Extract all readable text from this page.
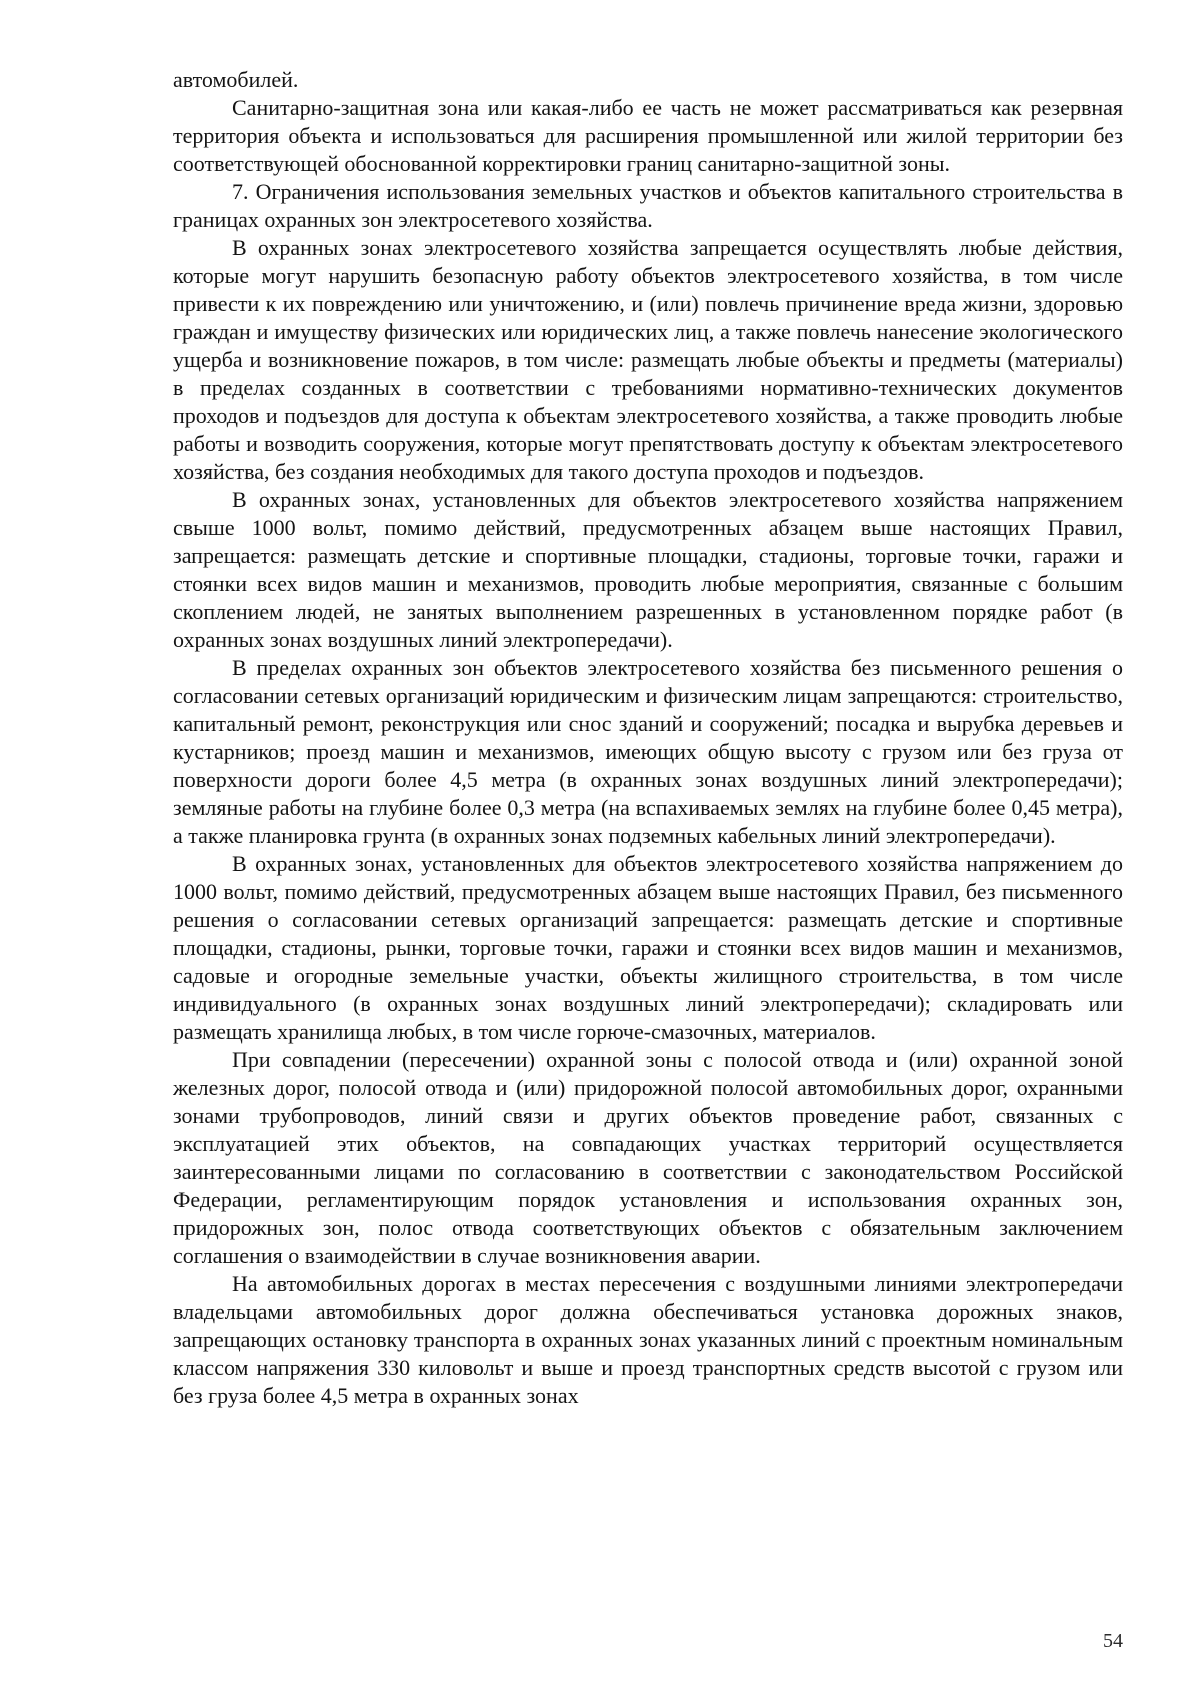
автомобилей.

Санитарно-защитная зона или какая-либо ее часть не может рассматриваться как резервная территория объекта и использоваться для расширения промышленной или жилой территории без соответствующей обоснованной корректировки границ санитарно-защитной зоны.

7. Ограничения использования земельных участков и объектов капитального строительства в границах охранных зон электросетевого хозяйства.

В охранных зонах электросетевого хозяйства запрещается осуществлять любые действия, которые могут нарушить безопасную работу объектов электросетевого хозяйства, в том числе привести к их повреждению или уничтожению, и (или) повлечь причинение вреда жизни, здоровью граждан и имуществу физических или юридических лиц, а также повлечь нанесение экологического ущерба и возникновение пожаров, в том числе: размещать любые объекты и предметы (материалы) в пределах созданных в соответствии с требованиями нормативно-технических документов проходов и подъездов для доступа к объектам электросетевого хозяйства, а также проводить любые работы и возводить сооружения, которые могут препятствовать доступу к объектам электросетевого хозяйства, без создания необходимых для такого доступа проходов и подъездов.

В охранных зонах, установленных для объектов электросетевого хозяйства напряжением свыше 1000 вольт, помимо действий, предусмотренных абзацем выше настоящих Правил, запрещается: размещать детские и спортивные площадки, стадионы, торговые точки, гаражи и стоянки всех видов машин и механизмов, проводить любые мероприятия, связанные с большим скоплением людей, не занятых выполнением разрешенных в установленном порядке работ (в охранных зонах воздушных линий электропередачи).

В пределах охранных зон объектов электросетевого хозяйства без письменного решения о согласовании сетевых организаций юридическим и физическим лицам запрещаются: строительство, капитальный ремонт, реконструкция или снос зданий и сооружений; посадка и вырубка деревьев и кустарников; проезд машин и механизмов, имеющих общую высоту с грузом или без груза от поверхности дороги более 4,5 метра (в охранных зонах воздушных линий электропередачи); земляные работы на глубине более 0,3 метра (на вспахиваемых землях на глубине более 0,45 метра), а также планировка грунта (в охранных зонах подземных кабельных линий электропередачи).

В охранных зонах, установленных для объектов электросетевого хозяйства напряжением до 1000 вольт, помимо действий, предусмотренных абзацем выше настоящих Правил, без письменного решения о согласовании сетевых организаций запрещается: размещать детские и спортивные площадки, стадионы, рынки, торговые точки, гаражи и стоянки всех видов машин и механизмов, садовые и огородные земельные участки, объекты жилищного строительства, в том числе индивидуального (в охранных зонах воздушных линий электропередачи); складировать или размещать хранилища любых, в том числе горюче-смазочных, материалов.

При совпадении (пересечении) охранной зоны с полосой отвода и (или) охранной зоной железных дорог, полосой отвода и (или) придорожной полосой автомобильных дорог, охранными зонами трубопроводов, линий связи и других объектов проведение работ, связанных с эксплуатацией этих объектов, на совпадающих участках территорий осуществляется заинтересованными лицами по согласованию в соответствии с законодательством Российской Федерации, регламентирующим порядок установления и использования охранных зон, придорожных зон, полос отвода соответствующих объектов с обязательным заключением соглашения о взаимодействии в случае возникновения аварии.

На автомобильных дорогах в местах пересечения с воздушными линиями электропередачи владельцами автомобильных дорог должна обеспечиваться установка дорожных знаков, запрещающих остановку транспорта в охранных зонах указанных линий с проектным номинальным классом напряжения 330 киловольт и выше и проезд транспортных средств высотой с грузом или без груза более 4,5 метра в охранных зонах

54
